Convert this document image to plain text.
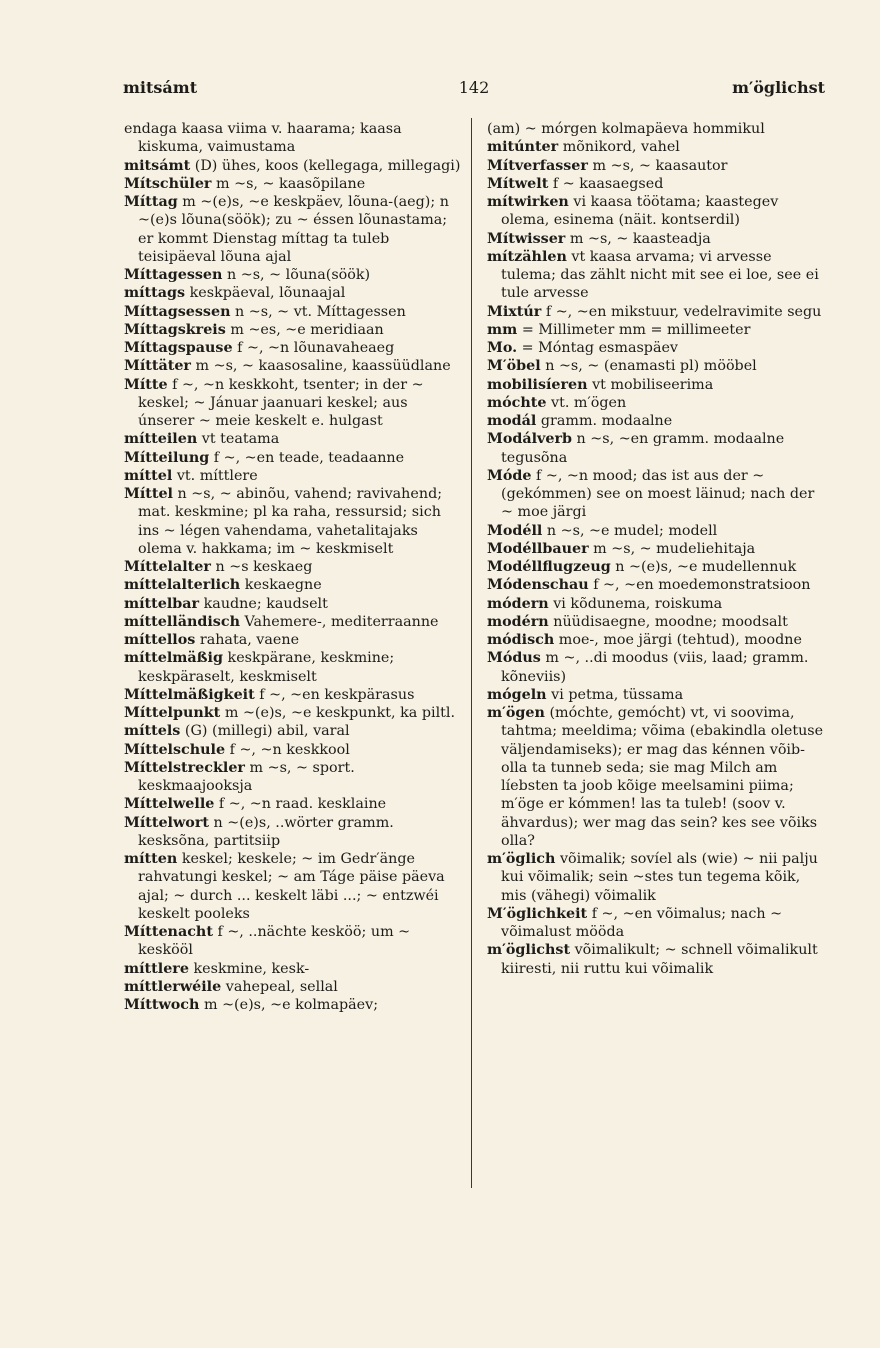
mitsámt	142	m′öglichst
endaga kaasa viima v. haarama; kaasa kiskuma, vaimustama
mitsámt (D) ühes, koos (kellegaga, millegagi)
Mítschüler m ~s, ~ kaasõpilane
Míttag m ~(e)s, ~e keskpäev, lõuna-(aeg); n ~(e)s lõuna(söök); zu ~ éssen lõunastama; er kommt Dienstag míttag ta tuleb teisipäeval lõuna ajal
Míttagessen n ~s, ~ lõuna(söök)
míttags keskpäeval, lõunaajal
Míttagsessen n ~s, ~ vt. Míttagessen
Míttagskreis m ~es, ~e meridiaan
Míttagspause f ~, ~n lõunavaheaeg
Míttäter m ~s, ~ kaasosaline, kaassüüdlane
Mítte f ~, ~n keskkoht, tsenter; in der ~ keskel; ~ Jánuar jaanuari keskel; aus únserer ~ meie keskelt e. hulgast
mítteilen vt teatama
Mítteilung f ~, ~en teade, teadaanne
míttel vt. míttlere
Míttel n ~s, ~ abinõu, vahend; ravivahend; mat. keskmine; pl ka raha, ressursid; sich ins ~ légen vahendama, vahetalitajaks olema v. hakkama; im ~ keskmiselt
Míttelalter n ~s keskaeg
míttelalterlich keskaegne
míttelbar kaudne; kaudselt
míttelländisch Vahemere-, mediterraanne
míttellos rahata, vaene
míttelmäßig keskpärane, keskmine; keskpäraselt, keskmiselt
Míttelmäßigkeit f ~, ~en keskpärasus
Míttelpunkt m ~(e)s, ~e keskpunkt, ka piltl.
míttels (G) (millegi) abil, varal
Míttelschule f ~, ~n keskkool
Míttelstreckler m ~s, ~ sport. keskmaajooksja
Míttelwelle f ~, ~n raad. kesklaine
Míttelwort n ~(e)s, ..wörter gramm. kesksõna, partitsiip
mítten keskel; keskele; ~ im Gedr′änge rahvatungi keskel; ~ am Táge päise päeva ajal; ~ durch ... keskelt läbi ...; ~ entzwéi keskelt pooleks
Míttenacht f ~, ..nächte kesköö; um ~ keskööl
míttlere keskmine, kesk-
míttlerwéile vahepeal, sellal
Míttwoch m ~(e)s, ~e kolmapäev;
(am) ~ mórgen kolmapäeva hommikul
mitúnter mõnikord, vahel
Mítverfasser m ~s, ~ kaasautor
Mítwelt f ~ kaasaegsed
mítwirken vi kaasa töötama; kaastegev olema, esinema (näit. kontserdil)
Mítwisser m ~s, ~ kaasteadja
mítzählen vt kaasa arvama; vi arvesse tulema; das zählt nicht mit see ei loe, see ei tule arvesse
Mixtúr f ~, ~en mikstuur, vedelravimite segu
mm = Millimeter mm = millimeeter
Mo. = Móntag esmaspäev
M′öbel n ~s, ~ (enamasti pl) mööbel
mobilisíeren vt mobiliseerima
móchte vt. m′ögen
modál gramm. modaalne
Modálverb n ~s, ~en gramm. modaalne tegusõna
Móde f ~, ~n mood; das ist aus der ~ (gekómmen) see on moest läinud; nach der ~ moe järgi
Modéll n ~s, ~e mudel; modell
Modéllbauer m ~s, ~ mudeliehitaja
Modéllflugzeug n ~(e)s, ~e mudellennuk
Módenschau f ~, ~en moedemonstratsioon
módern vi kõdunema, roiskuma
modérn nüüdisaegne, moodne; moodsalt
módisch moe-, moe järgi (tehtud), moodne
Módus m ~, ..di moodus (viis, laad; gramm. kõneviis)
mógeln vi petma, tüssama
m′ögen (móchte, gemócht) vt, vi soovima, tahtma; meeldima; võima (ebakindla oletuse väljendamiseks); er mag das kénnen võib-olla ta tunneb seda; sie mag Milch am líebsten ta joob kõige meelsamini piima; m′öge er kómmen! las ta tuleb! (soov v. ähvardus); wer mag das sein? kes see võiks olla?
m′öglich võimalik; sovíel als (wie) ~ nii palju kui võimalik; sein ~stes tun tegema kõik, mis (vähegi) võimalik
M′öglichkeit f ~, ~en võimalus; nach ~ võimalust mööda
m′öglichst võimalikult; ~ schnell võimalikult kiiresti, nii ruttu kui võimalik
